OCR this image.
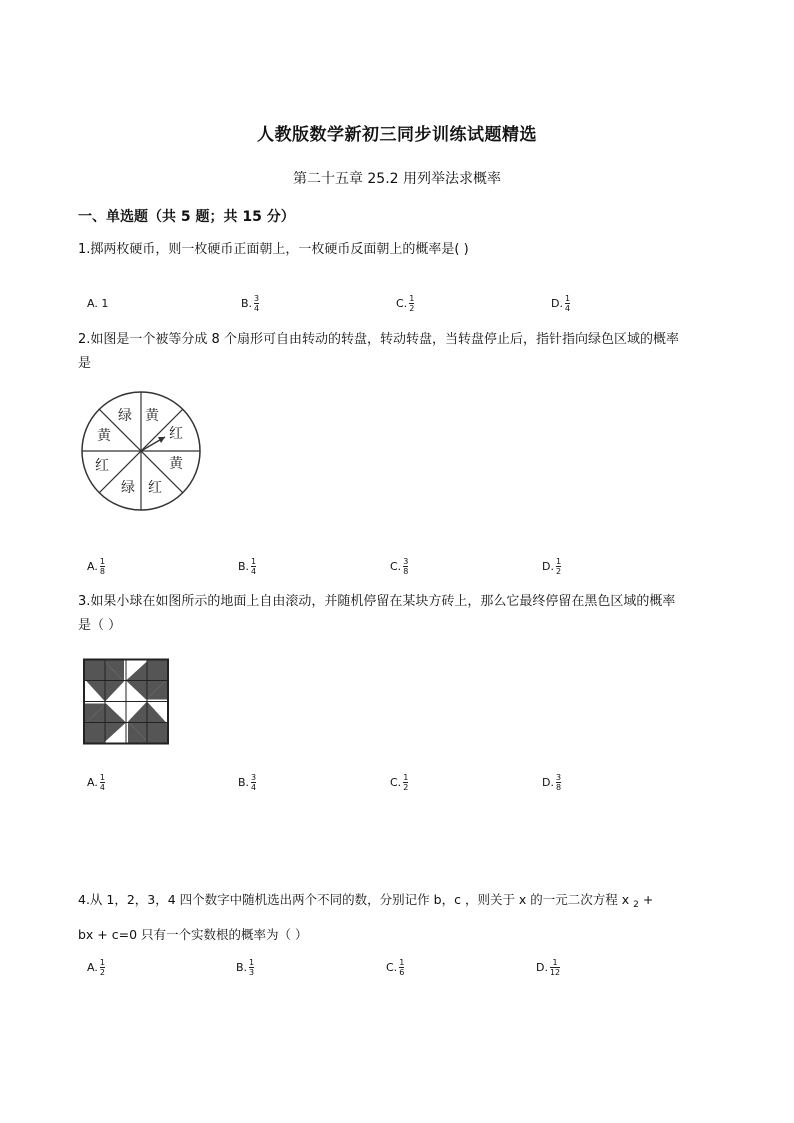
人教版数学新初三同步训练试题精选
第二十五章 25.2 用列举法求概率
一、单选题（共 5 题；共 15 分）
1.掷两枚硬币，则一枚硬币正面朝上，一枚硬币反面朝上的概率是( )
A. 1	B. $\frac{3}{4}$	C. $\frac{1}{2}$	D. $\frac{1}{4}$
2.如图是一个被等分成 8 个扇形可自由转动的转盘，转动转盘，当转盘停止后，指针指向绿色区域的概率
是
黄
红
黄
红
绿
红
黄
绿
A. $\frac{1}{8}$	B. $\frac{1}{4}$	C. $\frac{3}{8}$	D. $\frac{1}{2}$
3.如果小球在如图所示的地面上自由滚动，并随机停留在某块方砖上，那么它最终停留在黑色区域的概率
是（ ）
A. $\frac{1}{4}$	B. $\frac{3}{4}$	C. $\frac{1}{2}$	D. $\frac{3}{8}$
4.从 1，2，3，4 四个数字中随机选出两个不同的数，分别记作 b，c ，则关于 x 的一元二次方程 x $_2$ +
bx + c=0 只有一个实数根的概率为（ ）
A. $\frac{1}{2}$	B. $\frac{1}{3}$	C. $\frac{1}{6}$	D. $\frac{1}{12}$
